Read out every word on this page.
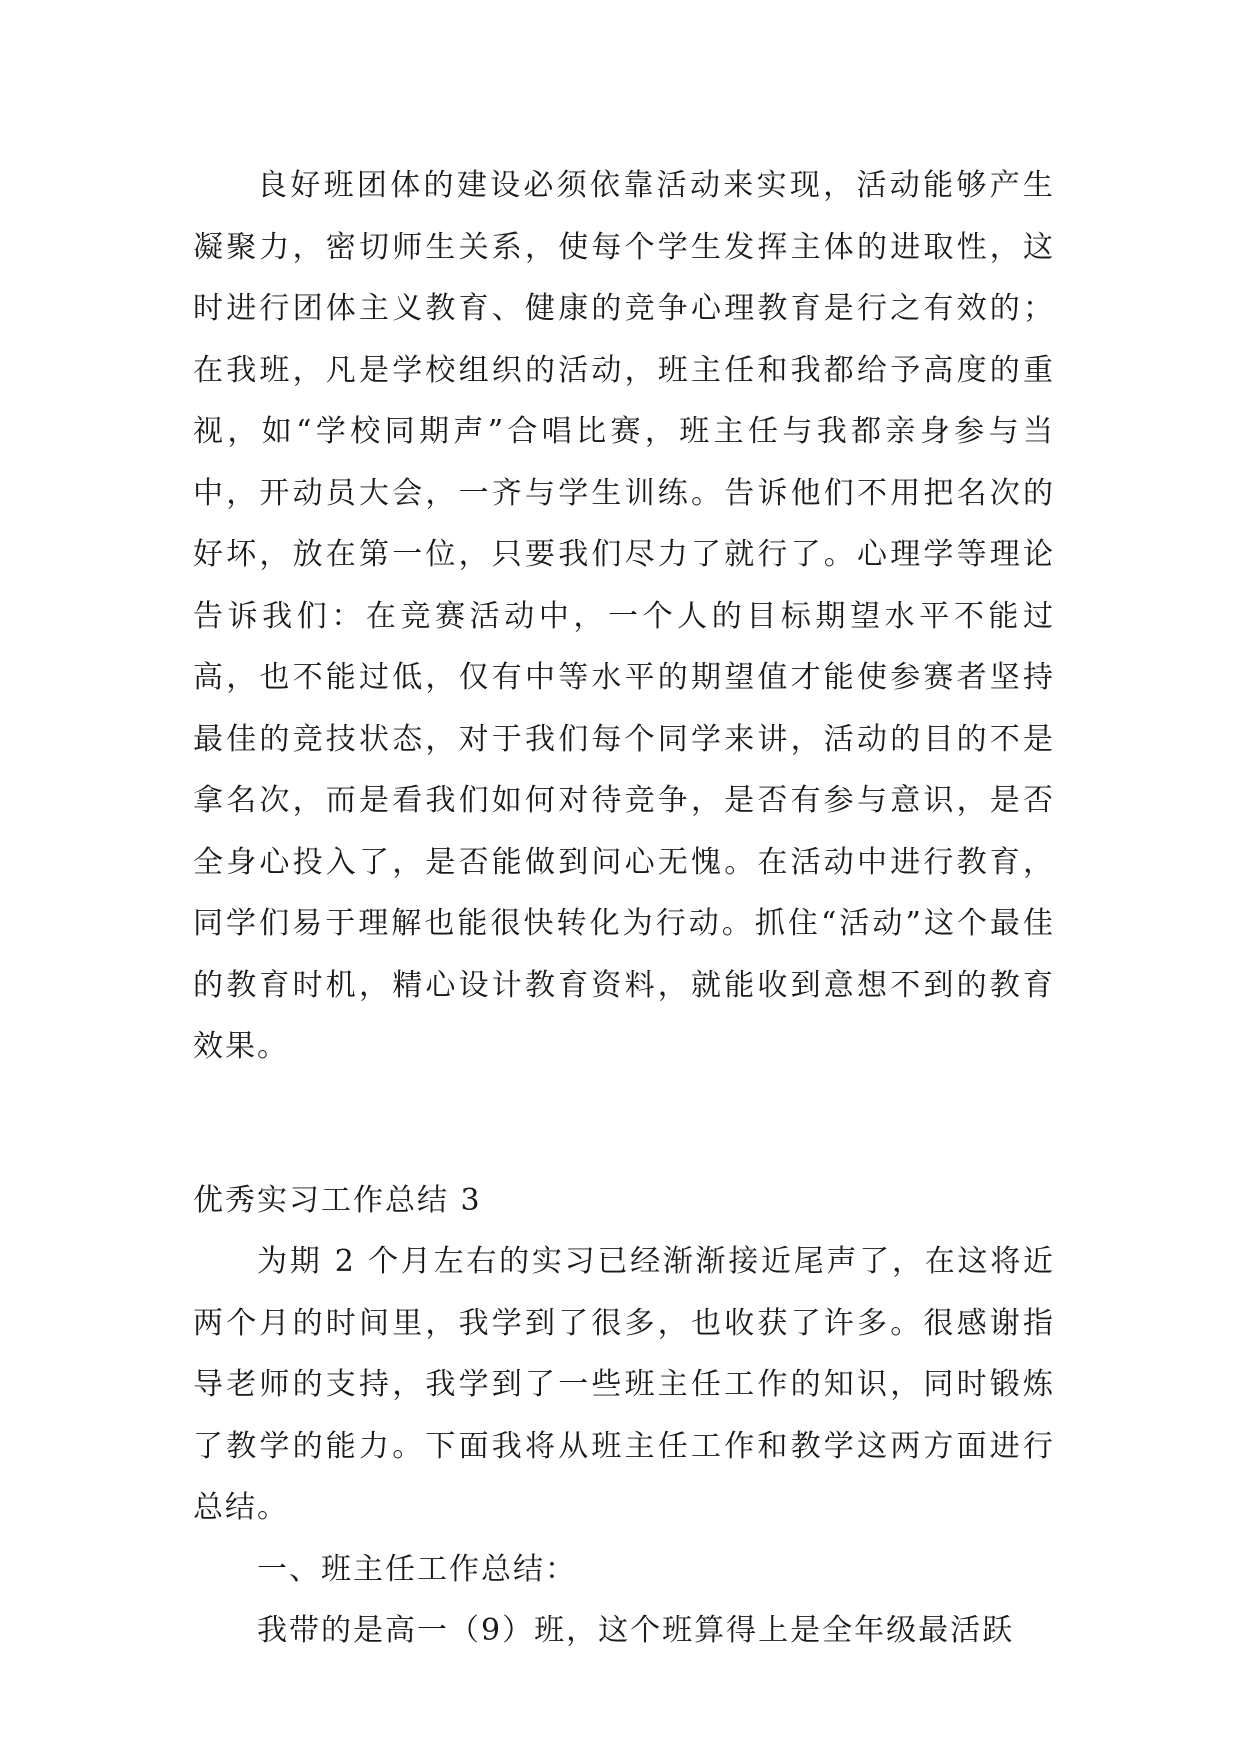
良好班团体的建设必须依靠活动来实现，活动能够产生凝聚力，密切师生关系，使每个学生发挥主体的进取性，这时进行团体主义教育、健康的竞争心理教育是行之有效的；在我班，凡是学校组织的活动，班主任和我都给予高度的重视，如“学校同期声”合唱比赛，班主任与我都亲身参与当中，开动员大会，一齐与学生训练。告诉他们不用把名次的好坏，放在第一位，只要我们尽力了就行了。心理学等理论告诉我们：在竞赛活动中，一个人的目标期望水平不能过高，也不能过低，仅有中等水平的期望值才能使参赛者坚持最佳的竞技状态，对于我们每个同学来讲，活动的目的不是拿名次，而是看我们如何对待竞争，是否有参与意识，是否全身心投入了，是否能做到问心无愧。在活动中进行教育，同学们易于理解也能很快转化为行动。抓住“活动”这个最佳的教育时机，精心设计教育资料，就能收到意想不到的教育效果。

优秀实习工作总结 3

为期 2 个月左右的实习已经渐渐接近尾声了，在这将近两个月的时间里，我学到了很多，也收获了许多。很感谢指导老师的支持，我学到了一些班主任工作的知识，同时锻炼了教学的能力。下面我将从班主任工作和教学这两方面进行总结。

一、班主任工作总结：

我带的是高一（9）班，这个班算得上是全年级最活跃
